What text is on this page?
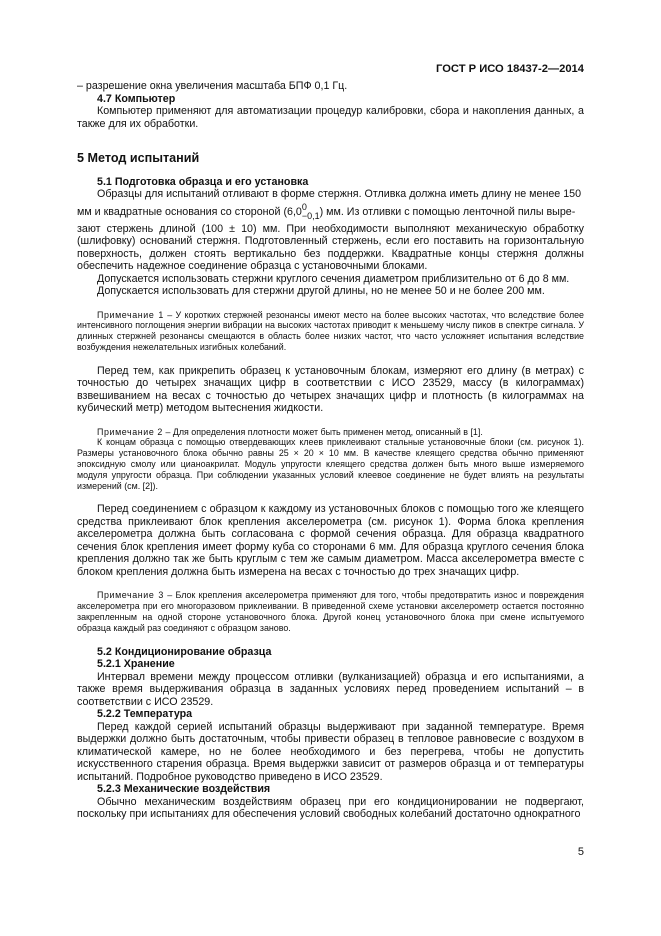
ГОСТ Р ИСО 18437-2—2014

– разрешение окна увеличения масштаба БПФ 0,1 Гц.

4.7 Компьютер

Компьютер применяют для автоматизации процедур калибровки, сбора и накопления данных, а также для их обработки.

5 Метод испытаний

5.1 Подготовка образца и его установка

Образцы для испытаний отливают в форме стержня. Отливка должна иметь длину не менее 150

мм и квадратные основания со стороной (6,0 0
−0,1 ) мм. Из отливки с помощью ленточной пилы выре-

зают стержень длиной (100 ± 10) мм. При необходимости выполняют механическую обработку (шлифовку) оснований стержня. Подготовленный стержень, если его поставить на горизонтальную поверхность, должен стоять вертикально без поддержки. Квадратные концы стержня должны обеспечить надежное соединение образца с установочными блоками.

Допускается использовать стержни круглого сечения диаметром приблизительно от 6 до 8 мм.

Допускается использовать для стержни другой длины, но не менее 50 и не более 200 мм.

Примечание 1 – У коротких стержней резонансы имеют место на более высоких частотах, что вследствие более интенсивного поглощения энергии вибрации на высоких частотах приводит к меньшему числу пиков в спектре сигнала. У длинных стержней резонансы смещаются в область более низких частот, что часто усложняет испытания вследствие возбуждения нежелательных изгибных колебаний.

Перед тем, как прикрепить образец к установочным блокам, измеряют его длину (в метрах) с точностью до четырех значащих цифр в соответствии с ИСО 23529, массу (в килограммах) взвешиванием на весах с точностью до четырех значащих цифр и плотность (в килограммах на кубический метр) методом вытеснения жидкости.

Примечание 2 – Для определения плотности может быть применен метод, описанный в [1].

К концам образца с помощью отвердевающих клеев приклеивают стальные установочные блоки (см. рисунок 1). Размеры установочного блока обычно равны 25 × 20 × 10 мм. В качестве клеящего средства обычно применяют эпоксидную смолу или цианоакрилат. Модуль упругости клеящего средства должен быть много выше измеряемого модуля упругости образца. При соблюдении указанных условий клеевое соединение не будет влиять на результаты измерений (см. [2]).

Перед соединением с образцом к каждому из установочных блоков с помощью того же клеящего средства приклеивают блок крепления акселерометра (см. рисунок 1). Форма блока крепления акселерометра должна быть согласована с формой сечения образца. Для образца квадратного сечения блок крепления имеет форму куба со сторонами 6 мм. Для образца круглого сечения блока крепления должно так же быть круглым с тем же самым диаметром. Масса акселерометра вместе с блоком крепления должна быть измерена на весах с точностью до трех значащих цифр.

Примечание 3 – Блок крепления акселерометра применяют для того, чтобы предотвратить износ и повреждения акселерометра при его многоразовом приклеивании. В приведенной схеме установки акселерометр остается постоянно закрепленным на одной стороне установочного блока. Другой конец установочного блока при смене испытуемого образца каждый раз соединяют с образцом заново.

5.2 Кондиционирование образца

5.2.1 Хранение

Интервал времени между процессом отливки (вулканизацией) образца и его испытаниями, а также время выдерживания образца в заданных условиях перед проведением испытаний – в соответствии с ИСО 23529.

5.2.2 Температура

Перед каждой серией испытаний образцы выдерживают при заданной температуре. Время выдержки должно быть достаточным, чтобы привести образец в тепловое равновесие с воздухом в климатической камере, но не более необходимого и без перегрева, чтобы не допустить искусственного старения образца. Время выдержки зависит от размеров образца и от температуры испытаний. Подробное руководство приведено в ИСО 23529.

5.2.3 Механические воздействия

Обычно механическим воздействиям образец при его кондиционировании не подвергают, поскольку при испытаниях для обеспечения условий свободных колебаний достаточно однократного

5
